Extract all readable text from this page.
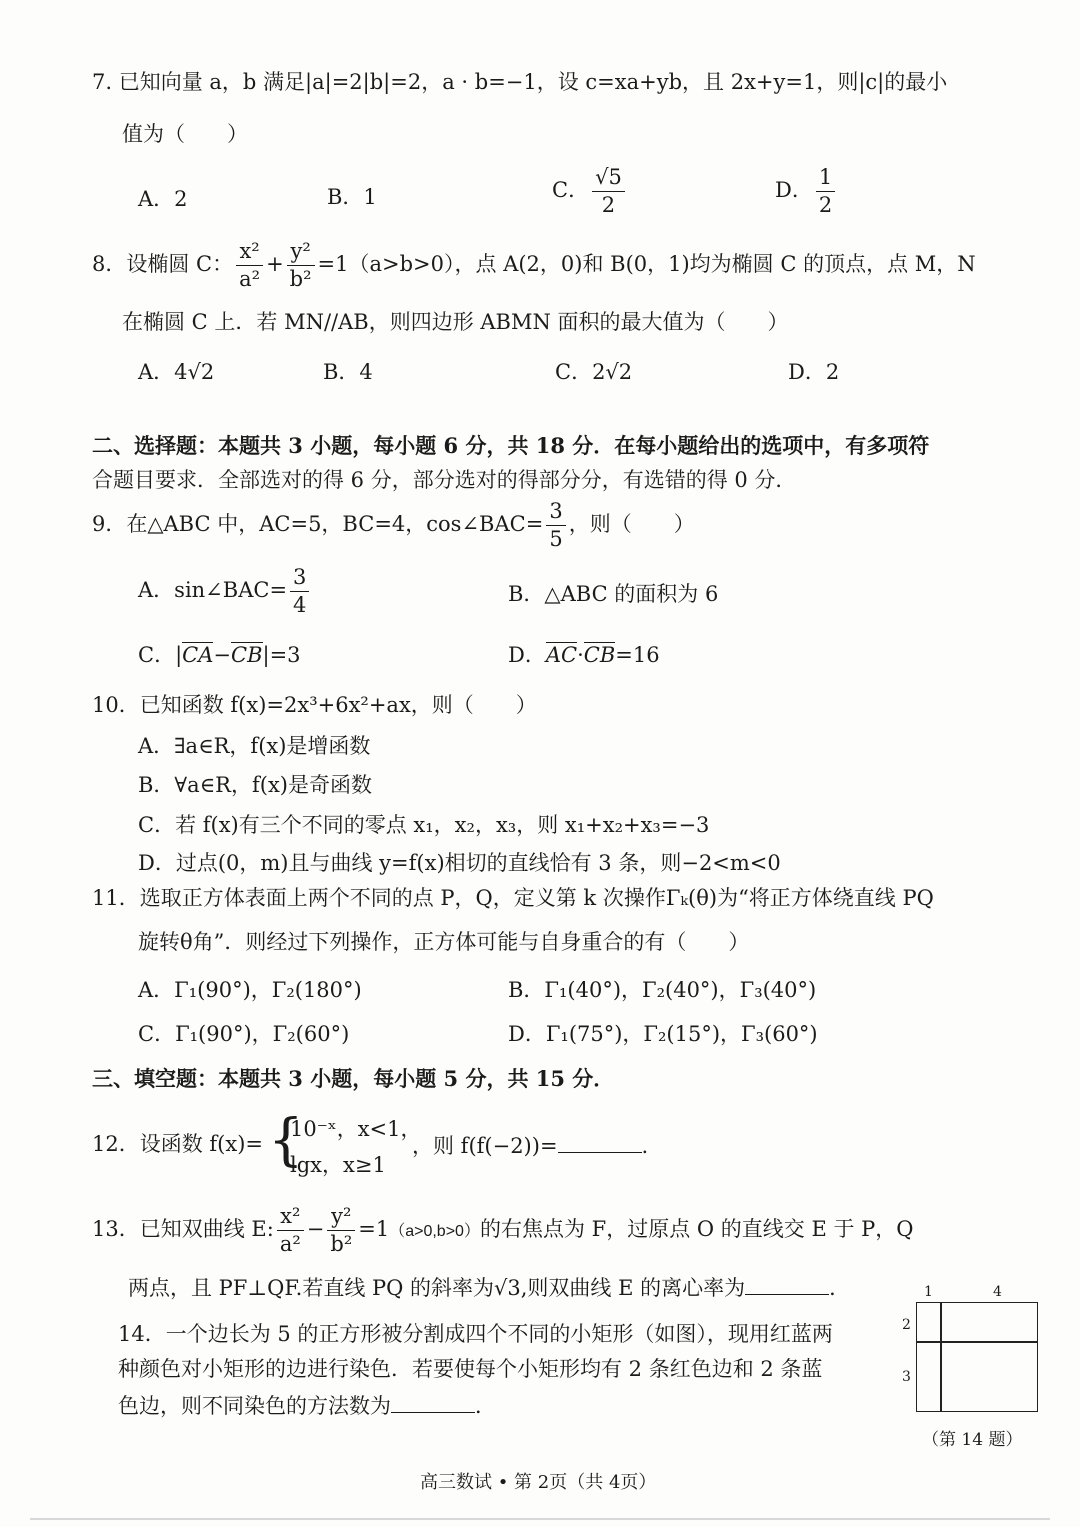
7. 已知向量 a，b 满足|a|=2|b|=2，a · b=−1，设 c=xa+yb，且 2x+y=1，则|c|的最小
值为（　　）
A．2	B．1	C． $\frac{√5}{2}$	D． $\frac{1}{2}$
8．设椭圆 C： $\frac{\text{x²}}{\text{a²}} + \frac{\text{y²}}{\text{b²}} =1(a>b>0)$，点 A(2，0)和 B(0，1)均为椭圆 C 的顶点，点 M，N
在椭圆 C 上．若 MN//AB，则四边形 ABMN 面积的最大值为（　　）
A．4√2	B．4	C．2√2	D．2
二、选择题：本题共 3 小题，每小题 6 分，共 18 分．在每小题给出的选项中，有多项符
合题目要求．全部选对的得 6 分，部分选对的得部分分，有选错的得 0 分．
9．在△ABC 中，AC=5，BC=4，cos∠BAC= $\frac{3}{5}$ ，则（　　）
A．sin∠BAC= $\frac{3}{4}$	B．△ABC 的面积为 6
C．|CA−CB|=3	D．AC·CB=16
10．已知函数 f(x)=2x³+6x²+ax，则（　　）
A．∃a∈R，f(x)是增函数
B．∀a∈R，f(x)是奇函数
C．若 f(x)有三个不同的零点 x₁，x₂，x₃，则 x₁+x₂+x₃=−3
D．过点(0，m)且与曲线 y=f(x)相切的直线恰有 3 条，则−2<m<0
11．选取正方体表面上两个不同的点 P，Q，定义第 k 次操作Γₖ(θ)为“将正方体绕直线 PQ
旋转θ角”．则经过下列操作，正方体可能与自身重合的有（　　）
A．Γ₁(90°)，Γ₂(180°)	B．Γ₁(40°)，Γ₂(40°)，Γ₃(40°)
C．Γ₁(90°)，Γ₂(60°)	D．Γ₁(75°)，Γ₂(15°)，Γ₃(60°)
三、填空题：本题共 3 小题，每小题 5 分，共 15 分．
12．设函数 f(x)= {
10⁻ˣ，x<1，
lgx，x≥1
，则 f(f(−2))=	.
13．已知双曲线 E: $\frac{\text{x²}}{\text{a²}} - \frac{\text{y²}}{\text{b²}} =1(a>0,b>0)$的右焦点为 F，过原点 O 的直线交 E 于 P，Q
两点，且 PF⊥QF.若直线 PQ 的斜率为√3,则双曲线 E 的离心率为	．
14．一个边长为 5 的正方形被分割成四个不同的小矩形（如图），现用红蓝两
种颜色对小矩形的边进行染色．若要使每个小矩形均有 2 条红色边和 2 条蓝
色边，则不同染色的方法数为	．
1	4
2
3
（第 14 题）
高三数试 • 第 2页（共 4页）
